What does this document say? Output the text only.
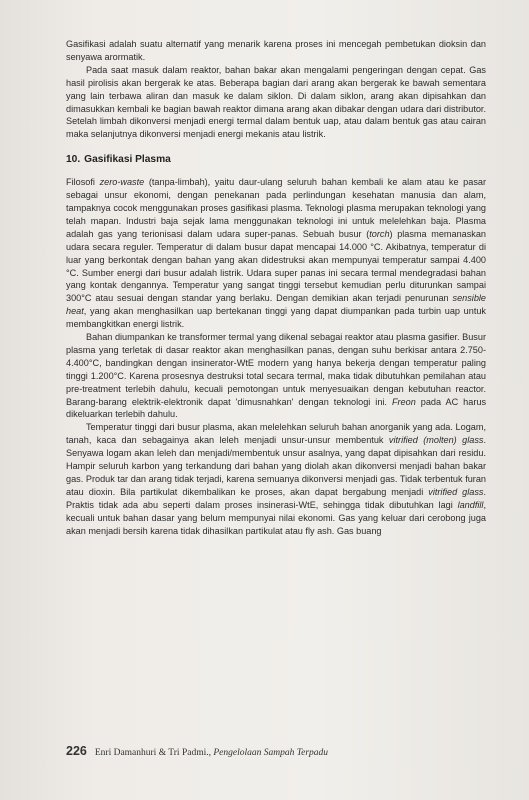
Gasifikasi adalah suatu alternatif yang menarik karena proses ini mencegah pembetukan dioksin dan senyawa arormatik.

Pada saat masuk dalam reaktor, bahan bakar akan mengalami pengeringan dengan cepat. Gas hasil pirolisis akan bergerak ke atas. Beberapa bagian dari arang akan bergerak ke bawah sementara yang lain terbawa aliran dan masuk ke dalam siklon. Di dalam siklon, arang akan dipisahkan dan dimasukkan kembali ke bagian bawah reaktor dimana arang akan dibakar dengan udara dari distributor. Setelah limbah dikonversi menjadi energi termal dalam bentuk uap, atau dalam bentuk gas atau cairan maka selanjutnya dikonversi menjadi energi mekanis atau listrik.

10. Gasifikasi Plasma

Filosofi zero-waste (tanpa-limbah), yaitu daur-ulang seluruh bahan kembali ke alam atau ke pasar sebagai unsur ekonomi, dengan penekanan pada perlindungan kesehatan manusia dan alam, tampaknya cocok menggunakan proses gasifikasi plasma. Teknologi plasma merupakan teknologi yang telah mapan. Industri baja sejak lama menggunakan teknologi ini untuk melelehkan baja. Plasma adalah gas yang terionisasi dalam udara super-panas. Sebuah busur (torch) plasma memanaskan udara secara reguler. Temperatur di dalam busur dapat mencapai 14.000 °C. Akibatnya, temperatur di luar yang berkontak dengan bahan yang akan didestruksi akan mempunyai temperatur sampai 4.400 °C. Sumber energi dari busur adalah listrik. Udara super panas ini secara termal mendegradasi bahan yang kontak dengannya. Temperatur yang sangat tinggi tersebut kemudian perlu diturunkan sampai 300°C atau sesuai dengan standar yang berlaku. Dengan demikian akan terjadi penurunan sensible heat, yang akan menghasilkan uap bertekanan tinggi yang dapat diumpankan pada turbin uap untuk membangkitkan energi listrik.

Bahan diumpankan ke transformer termal yang dikenal sebagai reaktor atau plasma gasifier. Busur plasma yang terletak di dasar reaktor akan menghasilkan panas, dengan suhu berkisar antara 2.750- 4.400°C, bandingkan dengan insinerator-WtE modern yang hanya bekerja dengan temperatur paling tinggi 1.200°C. Karena prosesnya destruksi total secara termal, maka tidak dibutuhkan pemilahan atau pre-treatment terlebih dahulu, kecuali pemotongan untuk menyesuaikan dengan kebutuhan reactor. Barang-barang elektrik-elektronik dapat 'dimusnahkan' dengan teknologi ini. Freon pada AC harus dikeluarkan terlebih dahulu.

Temperatur tinggi dari busur plasma, akan melelehkan seluruh bahan anorganik yang ada. Logam, tanah, kaca dan sebagainya akan leleh menjadi unsur-unsur membentuk vitrified (molten) glass. Senyawa logam akan leleh dan menjadi/membentuk unsur asalnya, yang dapat dipisahkan dari residu. Hampir seluruh karbon yang terkandung dari bahan yang diolah akan dikonversi menjadi bahan bakar gas. Produk tar dan arang tidak terjadi, karena semuanya dikonversi menjadi gas. Tidak terbentuk furan atau dioxin. Bila partikulat dikembalikan ke proses, akan dapat bergabung menjadi vitrified glass. Praktis tidak ada abu seperti dalam proses insinerasi-WtE, sehingga tidak dibutuhkan lagi landfill, kecuali untuk bahan dasar yang belum mempunyai nilai ekonomi. Gas yang keluar dari cerobong juga akan menjadi bersih karena tidak dihasilkan partikulat atau fly ash. Gas buang

226 Enri Damanhuri & Tri Padmi., Pengelolaan Sampah Terpadu
